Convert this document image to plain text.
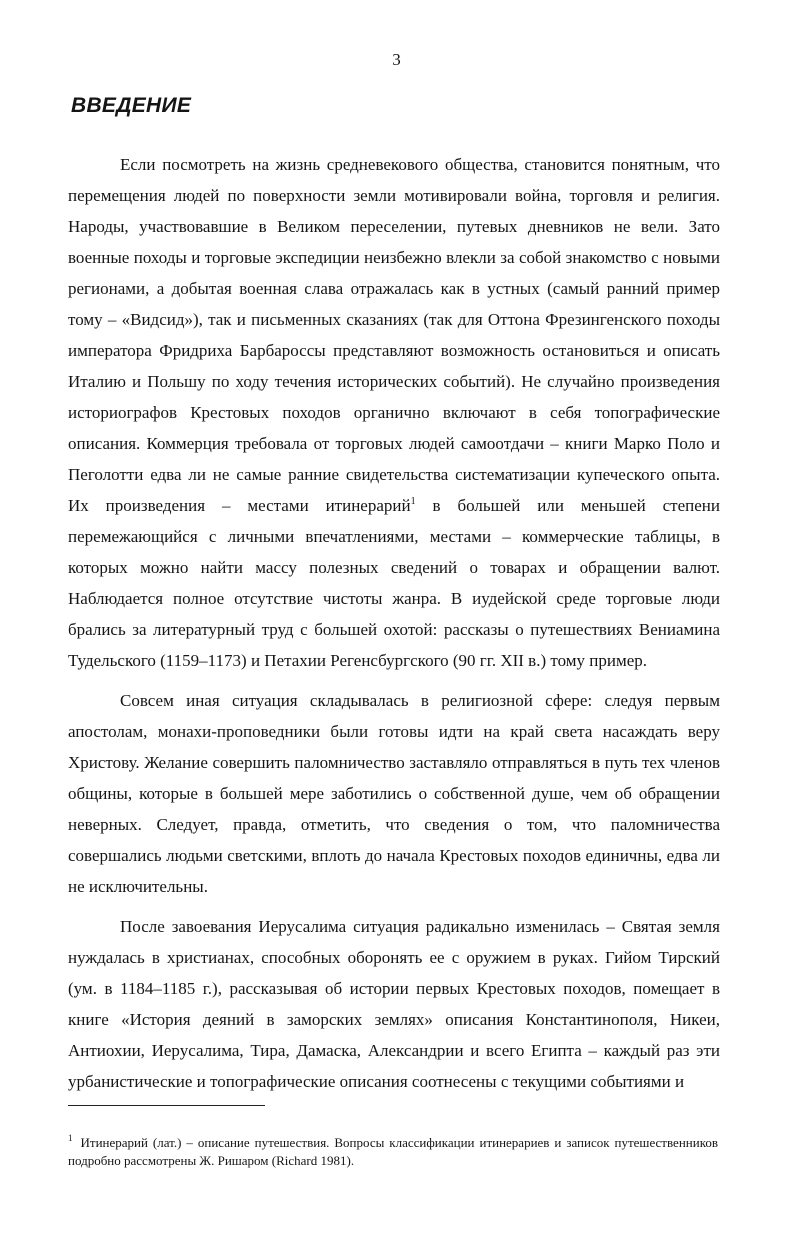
3
ВВЕДЕНИЕ

Если посмотреть на жизнь средневекового общества, становится понятным, что перемещения людей по поверхности земли мотивировали война, торговля и религия. Народы, участвовавшие в Великом переселении, путевых дневников не вели. Зато военные походы и торговые экспедиции неизбежно влекли за собой знакомство с новыми регионами, а добытая военная слава отражалась как в устных (самый ранний пример тому – «Видсид»), так и письменных сказаниях (так для Оттона Фрезингенского походы императора Фридриха Барбароссы представляют возможность остановиться и описать Италию и Польшу по ходу течения исторических событий). Не случайно произведения историографов Крестовых походов органично включают в себя топографические описания. Коммерция требовала от торговых людей самоотдачи – книги Марко Поло и Пеголотти едва ли не самые ранние свидетельства систематизации купеческого опыта. Их произведения – местами итинерарий$^1$ в большей или меньшей степени перемежающийся с личными впечатлениями, местами – коммерческие таблицы, в которых можно найти массу полезных сведений о товарах и обращении валют. Наблюдается полное отсутствие чистоты жанра. В иудейской среде торговые люди брались за литературный труд с большей охотой: рассказы о путешествиях Вениамина Тудельского (1159–1173) и Петахии Регенсбургского (90 гг. XII в.) тому пример.

Совсем иная ситуация складывалась в религиозной сфере: следуя первым апостолам, монахи-проповедники были готовы идти на край света насаждать веру Христову. Желание совершить паломничество заставляло отправляться в путь тех членов общины, которые в большей мере заботились о собственной душе, чем об обращении неверных. Следует, правда, отметить, что сведения о том, что паломничества совершались людьми светскими, вплоть до начала Крестовых походов единичны, едва ли не исключительны.

После завоевания Иерусалима ситуация радикально изменилась – Святая земля нуждалась в христианах, способных оборонять ее с оружием в руках. Гийом Тирский (ум. в 1184–1185 г.), рассказывая об истории первых Крестовых походов, помещает в книге «История деяний в заморских землях» описания Константинополя, Никеи, Антиохии, Иерусалима, Тира, Дамаска, Александрии и всего Египта – каждый раз эти урбанистические и топографические описания соотнесены с текущими событиями и

$^1$ Итинерарий (лат.) – описание путешествия. Вопросы классификации итинерариев и записок путешественников подробно рассмотрены Ж. Ришаром (Richard 1981).
